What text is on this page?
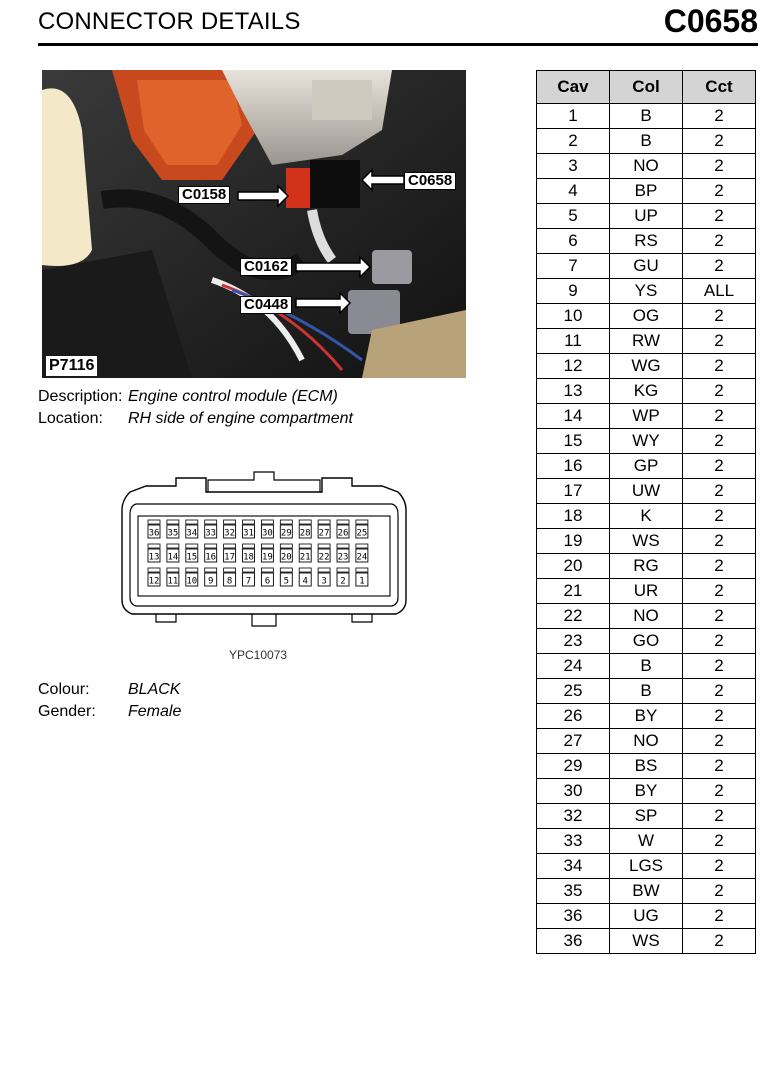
CONNECTOR DETAILS	C0658
C0158
C0658
C0162
C0448
P7116
Description: Engine control module (ECM)
Location: RH side of engine compartment
36 35 34 33 32 31 30 29 28 27 26 25
13 14 15 16 17 18 19 20 21 22 23 24
12 11 10 9 8 7 6 5 4 3 2 1
YPC10073
Colour: BLACK
Gender: Female
Cav	Col	Cct
1	B	2
2	B	2
3	NO	2
4	BP	2
5	UP	2
6	RS	2
7	GU	2
9	YS	ALL
10	OG	2
11	RW	2
12	WG	2
13	KG	2
14	WP	2
15	WY	2
16	GP	2
17	UW	2
18	K	2
19	WS	2
20	RG	2
21	UR	2
22	NO	2
23	GO	2
24	B	2
25	B	2
26	BY	2
27	NO	2
29	BS	2
30	BY	2
32	SP	2
33	W	2
34	LGS	2
35	BW	2
36	UG	2
36	WS	2
